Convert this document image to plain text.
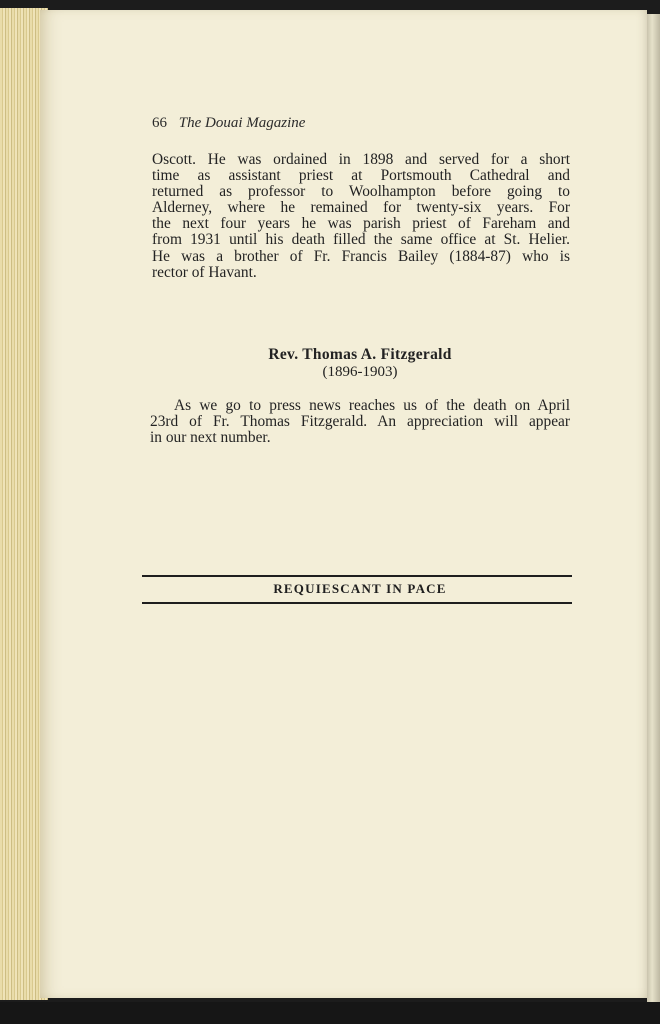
66 The Douai Magazine
Oscott. He was ordained in 1898 and served for a short
time as assistant priest at Portsmouth Cathedral and
returned as professor to Woolhampton before going to
Alderney, where he remained for twenty-six years. For
the next four years he was parish priest of Fareham and
from 1931 until his death filled the same office at St. Helier.
He was a brother of Fr. Francis Bailey (1884-87) who is
rector of Havant.
Rev. Thomas A. Fitzgerald
(1896-1903)
As we go to press news reaches us of the death on April
23rd of Fr. Thomas Fitzgerald. An appreciation will appear
in our next number.
REQUIESCANT IN PACE
